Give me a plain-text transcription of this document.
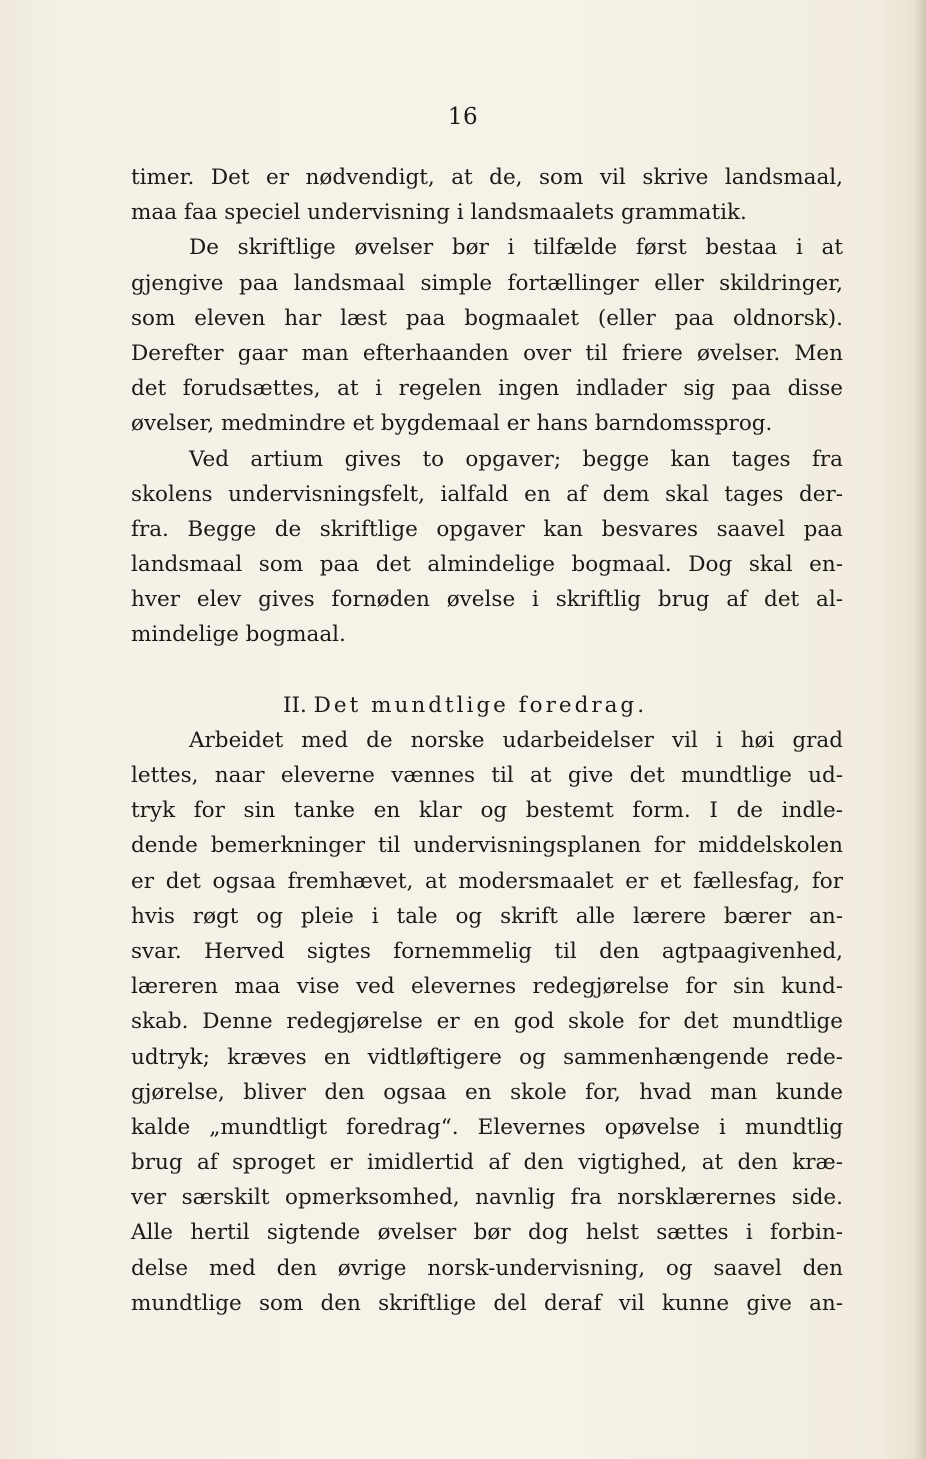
16
timer. Det er nødvendigt, at de, som vil skrive landsmaal,
maa faa speciel undervisning i landsmaalets grammatik.
De skriftlige øvelser bør i tilfælde først bestaa i at
gjengive paa landsmaal simple fortællinger eller skildringer,
som eleven har læst paa bogmaalet (eller paa oldnorsk).
Derefter gaar man efterhaanden over til friere øvelser. Men
det forudsættes, at i regelen ingen indlader sig paa disse
øvelser, medmindre et bygdemaal er hans barndomssprog.
Ved artium gives to opgaver; begge kan tages fra
skolens undervisningsfelt, ialfald en af dem skal tages der-
fra. Begge de skriftlige opgaver kan besvares saavel paa
landsmaal som paa det almindelige bogmaal. Dog skal en-
hver elev gives fornøden øvelse i skriftlig brug af det al-
mindelige bogmaal.
II. Det mundtlige foredrag.
Arbeidet med de norske udarbeidelser vil i høi grad
lettes, naar eleverne vænnes til at give det mundtlige ud-
tryk for sin tanke en klar og bestemt form. I de indle-
dende bemerkninger til undervisningsplanen for middelskolen
er det ogsaa fremhævet, at modersmaalet er et fællesfag, for
hvis røgt og pleie i tale og skrift alle lærere bærer an-
svar. Herved sigtes fornemmelig til den agtpaagivenhed,
læreren maa vise ved elevernes redegjørelse for sin kund-
skab. Denne redegjørelse er en god skole for det mundtlige
udtryk; kræves en vidtløftigere og sammenhængende rede-
gjørelse, bliver den ogsaa en skole for, hvad man kunde
kalde „mundtligt foredrag“. Elevernes opøvelse i mundtlig
brug af sproget er imidlertid af den vigtighed, at den kræ-
ver særskilt opmerksomhed, navnlig fra norsklærernes side.
Alle hertil sigtende øvelser bør dog helst sættes i forbin-
delse med den øvrige norsk-undervisning, og saavel den
mundtlige som den skriftlige del deraf vil kunne give an-
